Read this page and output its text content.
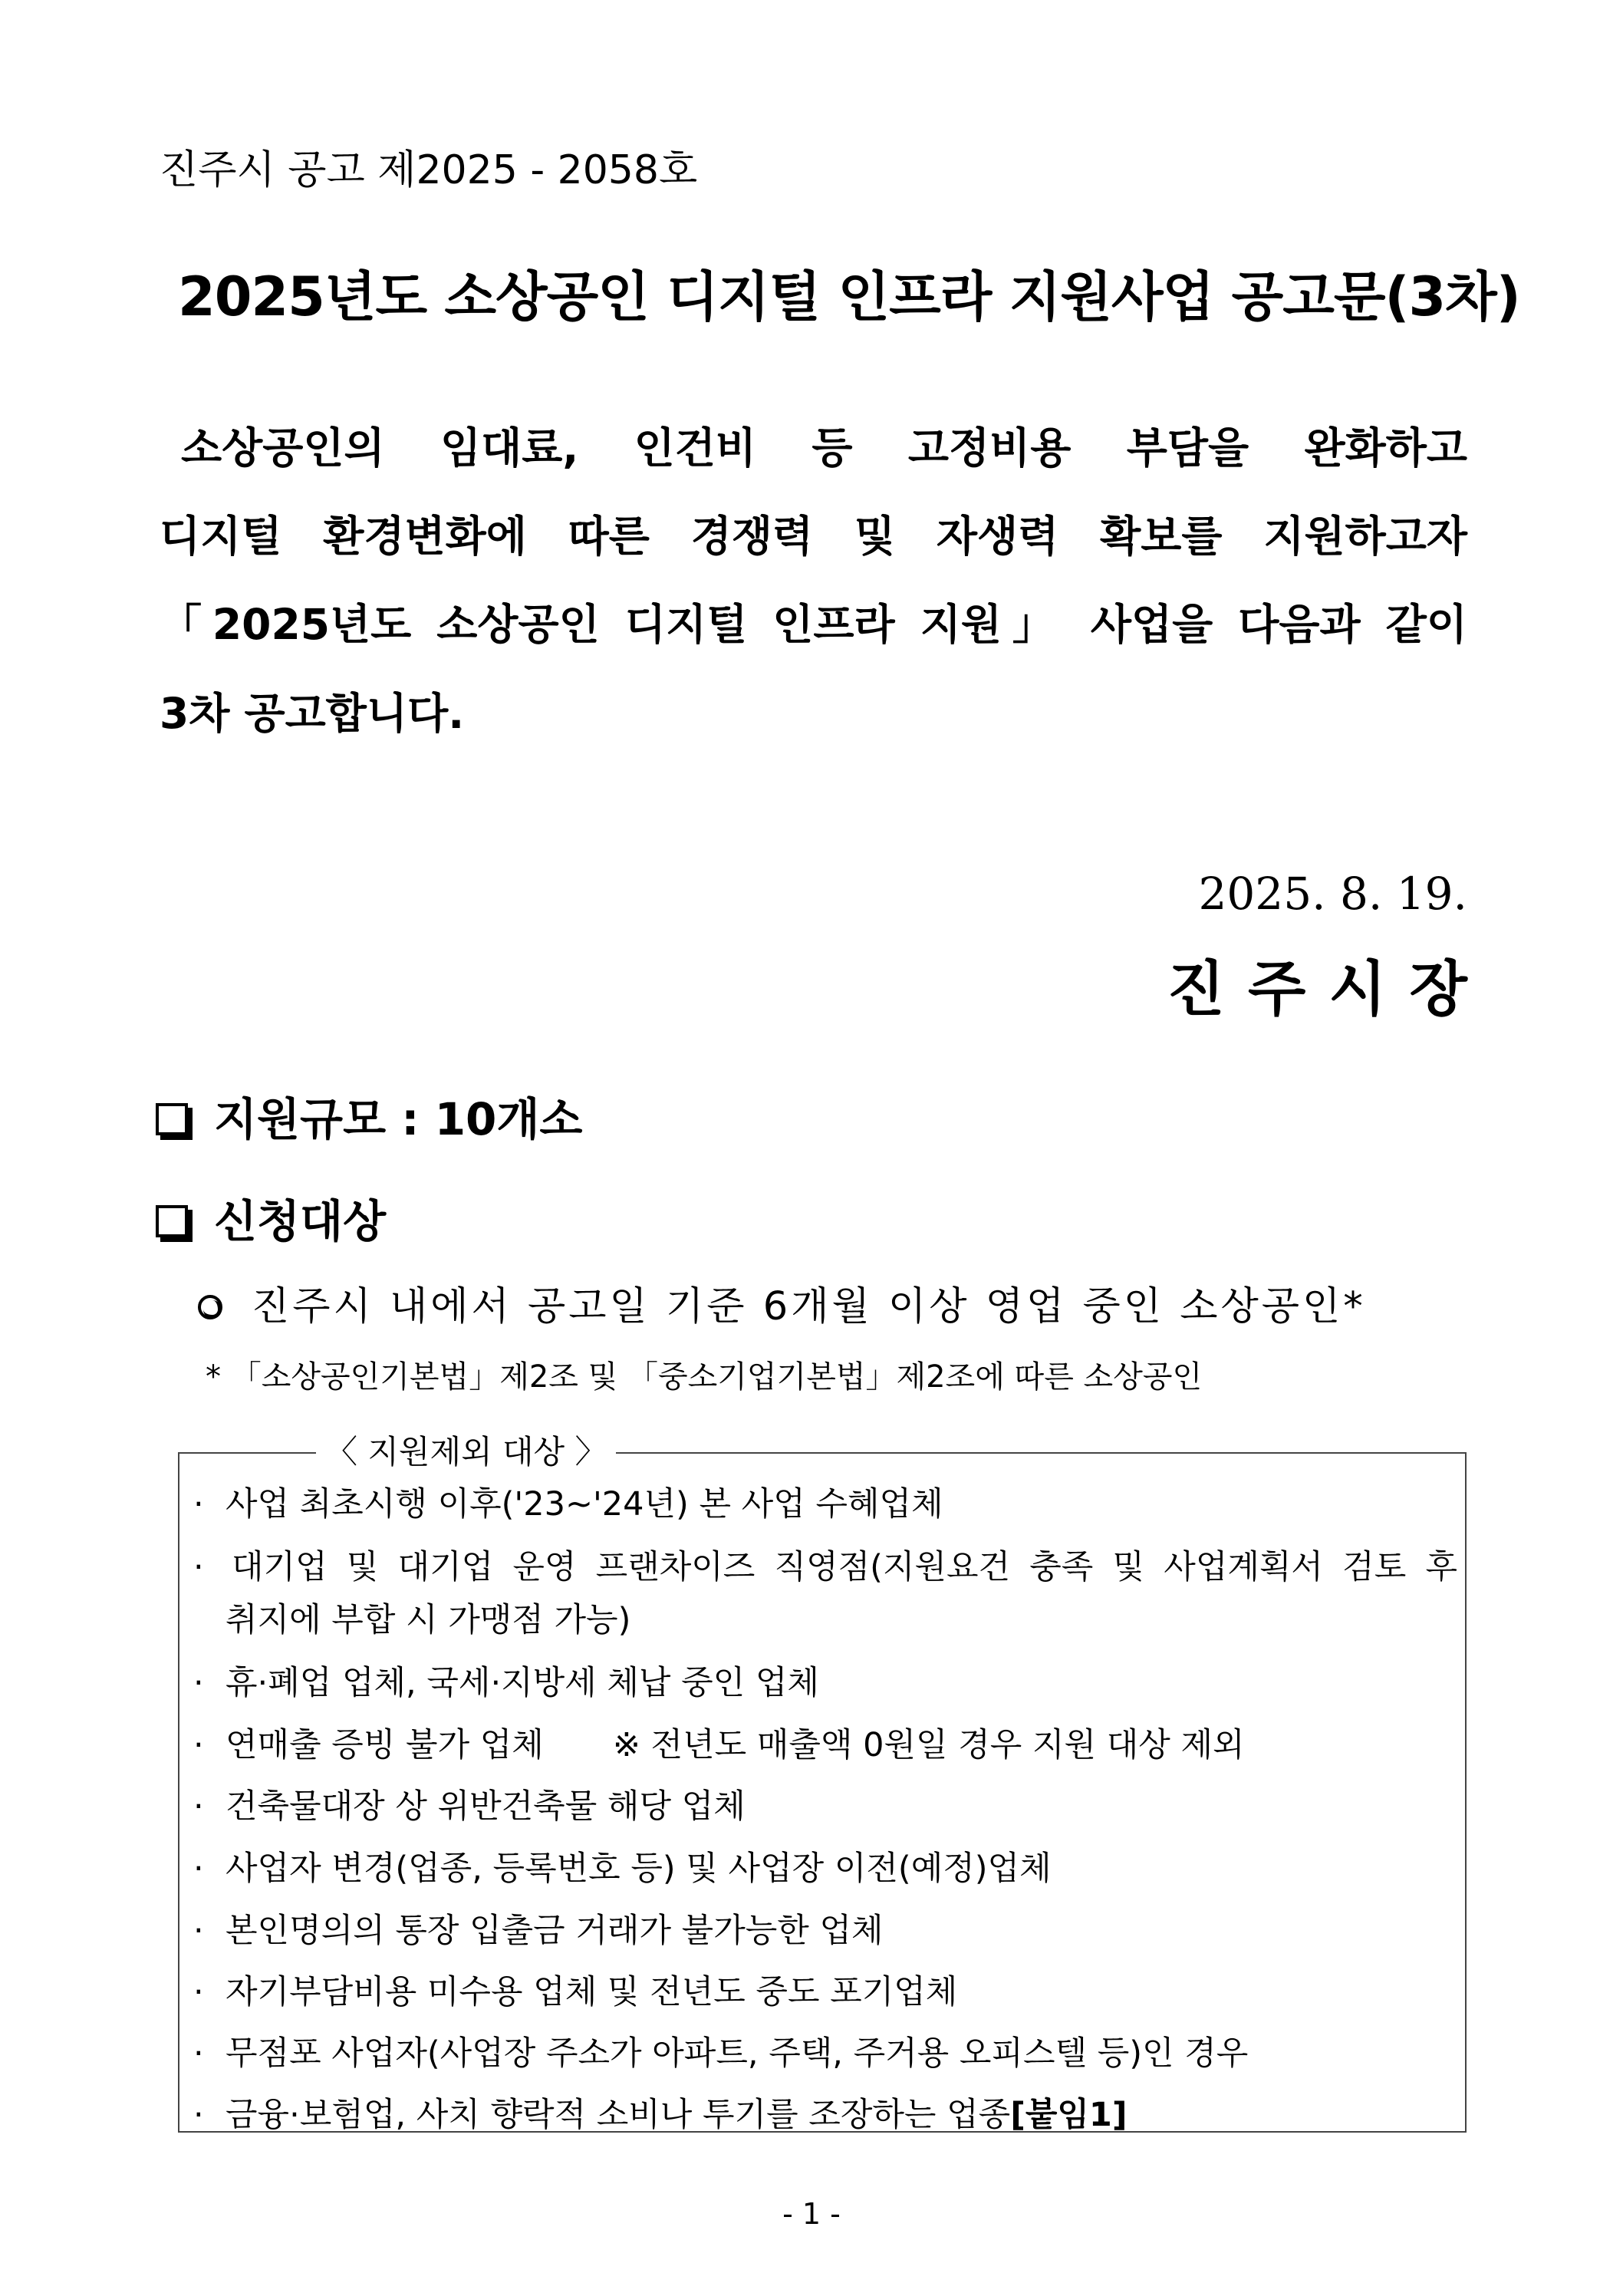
진주시 공고 제2025 - 2058호
2025년도 소상공인 디지털 인프라 지원사업 공고문(3차)
소상공인의 임대료, 인건비 등 고정비용 부담을 완화하고
디지털 환경변화에 따른 경쟁력 및 자생력 확보를 지원하고자
「2025년도 소상공인 디지털 인프라 지원」 사업을 다음과 같이
3차 공고합니다.
2025. 8. 19.
진주시장
지원규모 : 10개소
신청대상
진주시 내에서 공고일 기준 6개월 이상 영업 중인 소상공인*
* 「소상공인기본법」제2조 및 「중소기업기본법」제2조에 따른 소상공인
〈 지원제외 대상 〉
· 사업 최초시행 이후('23~'24년) 본 사업 수혜업체
· 대기업 및 대기업 운영 프랜차이즈 직영점(지원요건 충족 및 사업계획서 검토 후
취지에 부합 시 가맹점 가능)
· 휴·폐업 업체, 국세·지방세 체납 중인 업체
· 연매출 증빙 불가 업체 ※ 전년도 매출액 0원일 경우 지원 대상 제외
· 건축물대장 상 위반건축물 해당 업체
· 사업자 변경(업종, 등록번호 등) 및 사업장 이전(예정)업체
· 본인명의의 통장 입출금 거래가 불가능한 업체
· 자기부담비용 미수용 업체 및 전년도 중도 포기업체
· 무점포 사업자(사업장 주소가 아파트, 주택, 주거용 오피스텔 등)인 경우
· 금융·보험업, 사치 향락적 소비나 투기를 조장하는 업종[붙임1]
- 1 -
